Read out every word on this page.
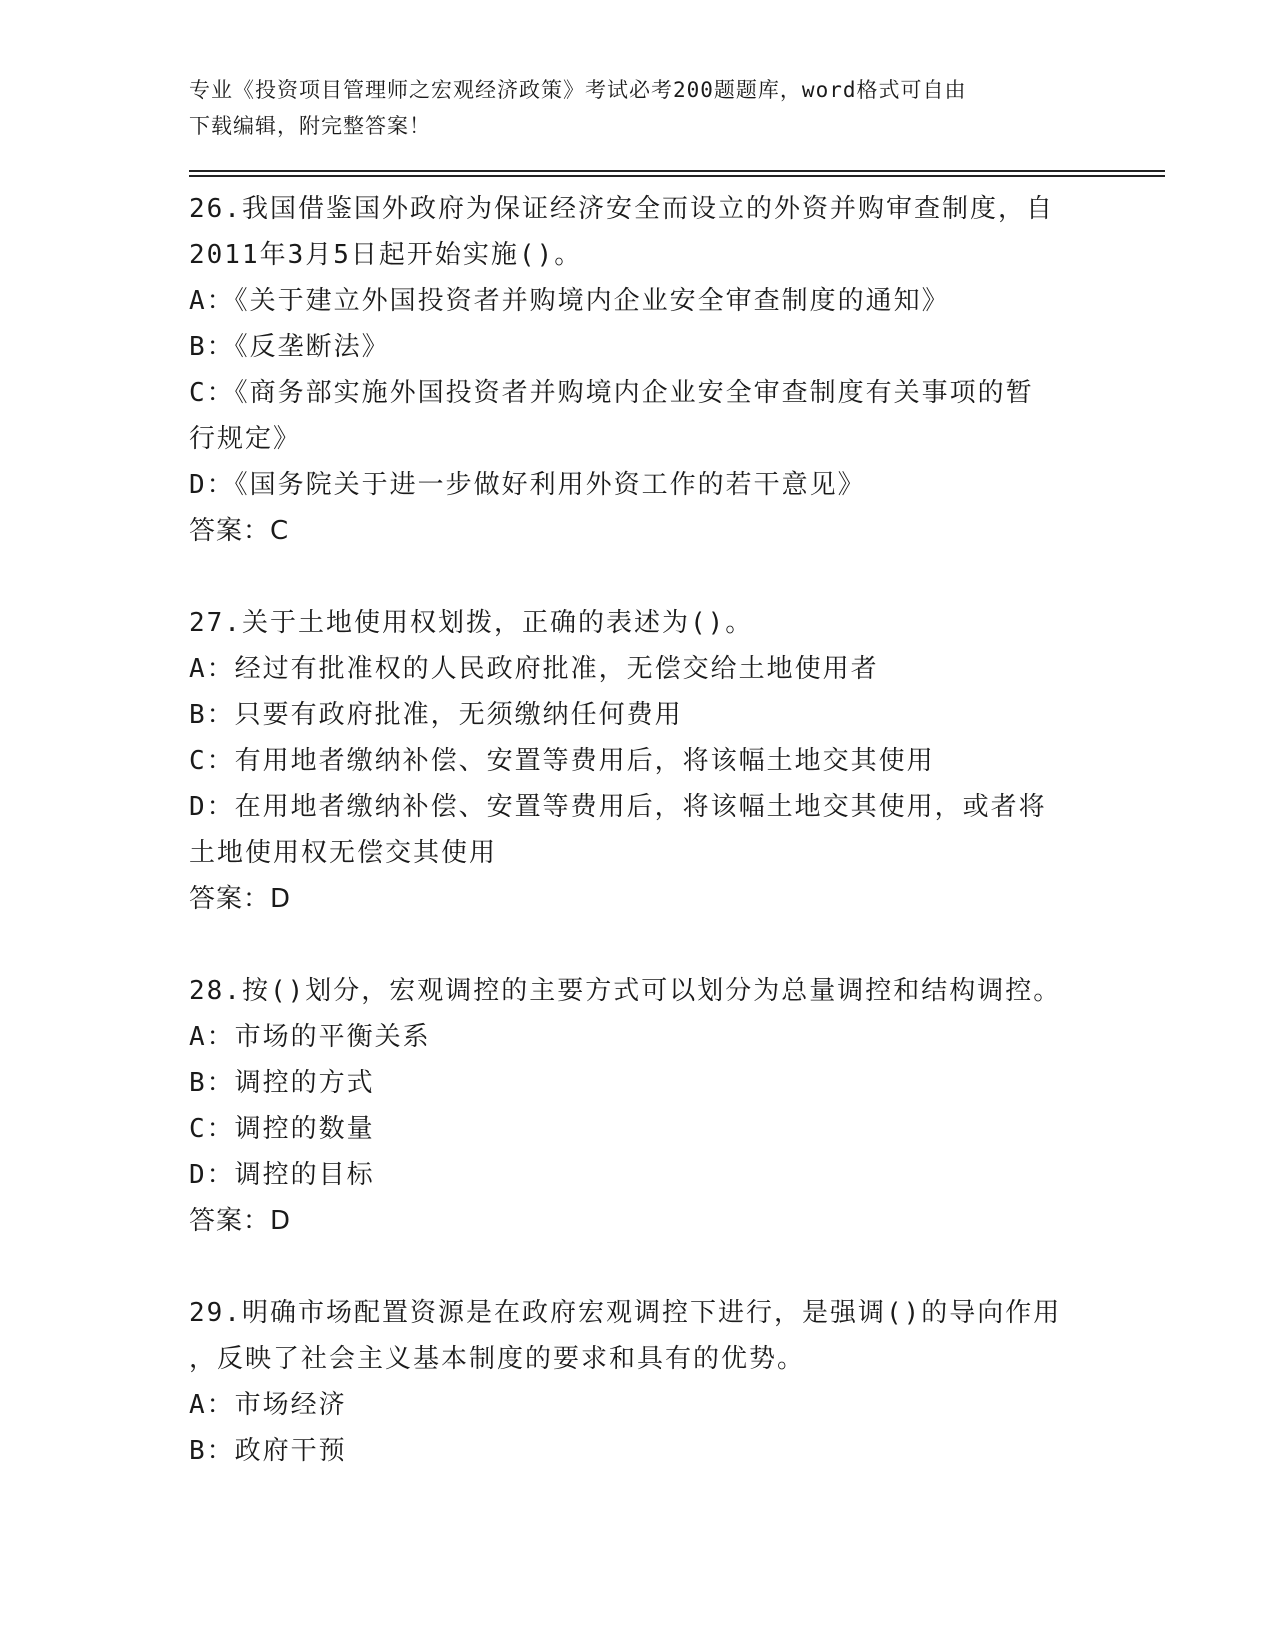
专业《投资项目管理师之宏观经济政策》考试必考200题题库，word格式可自由
下载编辑，附完整答案！
26.我国借鉴国外政府为保证经济安全而设立的外资并购审查制度，自
2011年3月5日起开始实施()。
A：《关于建立外国投资者并购境内企业安全审查制度的通知》
B：《反垄断法》
C：《商务部实施外国投资者并购境内企业安全审查制度有关事项的暂
行规定》
D：《国务院关于进一步做好利用外资工作的若干意见》
答案：C
27.关于土地使用权划拨，正确的表述为()。
A：经过有批准权的人民政府批准，无偿交给土地使用者
B：只要有政府批准，无须缴纳任何费用
C：有用地者缴纳补偿、安置等费用后，将该幅土地交其使用
D：在用地者缴纳补偿、安置等费用后，将该幅土地交其使用，或者将
土地使用权无偿交其使用
答案：D
28.按()划分，宏观调控的主要方式可以划分为总量调控和结构调控。
A：市场的平衡关系
B：调控的方式
C：调控的数量
D：调控的目标
答案：D
29.明确市场配置资源是在政府宏观调控下进行，是强调()的导向作用
，反映了社会主义基本制度的要求和具有的优势。
A：市场经济
B：政府干预
